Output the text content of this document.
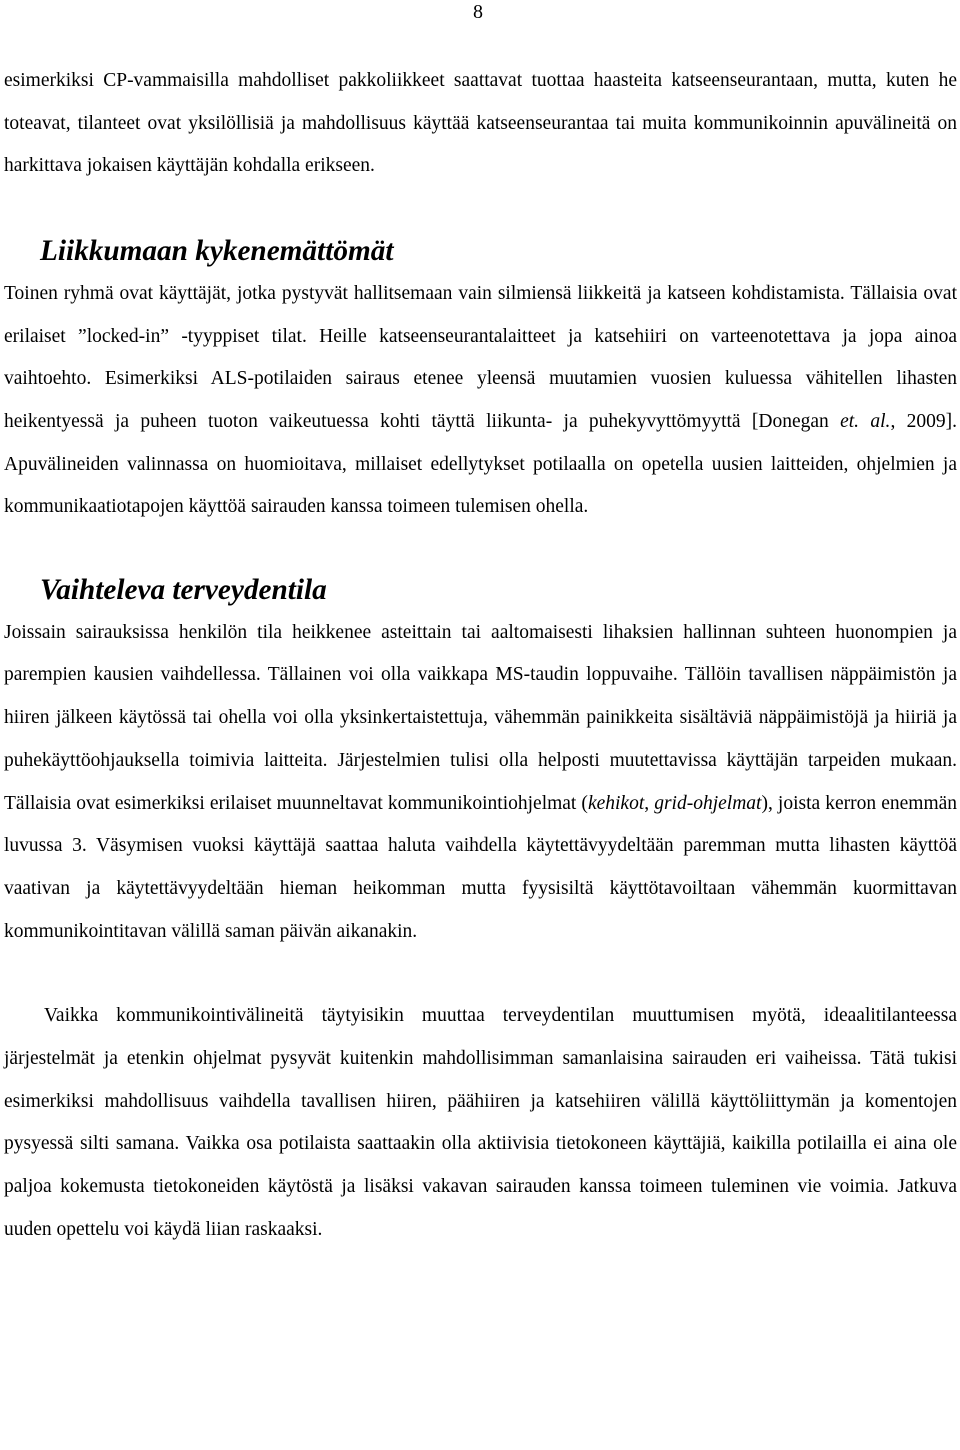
8

esimerkiksi CP-vammaisilla mahdolliset pakkoliikkeet saattavat tuottaa haasteita katseenseurantaan, mutta, kuten he toteavat, tilanteet ovat yksilöllisiä ja mahdollisuus käyttää katseenseurantaa tai muita kommunikoinnin apuvälineitä on harkittava jokaisen käyttäjän kohdalla erikseen.

Liikkumaan kykenemättömät

Toinen ryhmä ovat käyttäjät, jotka pystyvät hallitsemaan vain silmiensä liikkeitä ja katseen kohdistamista. Tällaisia ovat erilaiset ”locked-in” -tyyppiset tilat. Heille katseenseurantalaitteet ja katsehiiri on varteenotettava ja jopa ainoa vaihtoehto. Esimerkiksi ALS-potilaiden sairaus etenee yleensä muutamien vuosien kuluessa vähitellen lihasten heikentyessä ja puheen tuoton vaikeutuessa kohti täyttä liikunta- ja puhekyvyttömyyttä [Donegan et. al., 2009]. Apuvälineiden valinnassa on huomioitava, millaiset edellytykset potilaalla on opetella uusien laitteiden, ohjelmien ja kommunikaatiotapojen käyttöä sairauden kanssa toimeen tulemisen ohella.

Vaihteleva terveydentila

Joissain sairauksissa henkilön tila heikkenee asteittain tai aaltomaisesti lihaksien hallinnan suhteen huonompien ja parempien kausien vaihdellessa. Tällainen voi olla vaikkapa MS-taudin loppuvaihe. Tällöin tavallisen näppäimistön ja hiiren jälkeen käytössä tai ohella voi olla yksinkertaistettuja, vähemmän painikkeita sisältäviä näppäimistöjä ja hiiriä ja puhekäyttöohjauksella toimivia laitteita. Järjestelmien tulisi olla helposti muutettavissa käyttäjän tarpeiden mukaan. Tällaisia ovat esimerkiksi erilaiset muunneltavat kommunikointiohjelmat (kehikot, grid-ohjelmat), joista kerron enemmän luvussa 3. Väsymisen vuoksi käyttäjä saattaa haluta vaihdella käytettävyydeltään paremman mutta lihasten käyttöä vaativan ja käytettävyydeltään hieman heikomman mutta fyysisiltä käyttötavoiltaan vähemmän kuormittavan kommunikointitavan välillä saman päivän aikanakin.

Vaikka kommunikointivälineitä täytyisikin muuttaa terveydentilan muuttumisen myötä, ideaalitilanteessa järjestelmät ja etenkin ohjelmat pysyvät kuitenkin mahdollisimman samanlaisina sairauden eri vaiheissa. Tätä tukisi esimerkiksi mahdollisuus vaihdella tavallisen hiiren, päähiiren ja katsehiiren välillä käyttöliittymän ja komentojen pysyessä silti samana. Vaikka osa potilaista saattaakin olla aktiivisia tietokoneen käyttäjiä, kaikilla potilailla ei aina ole paljoa kokemusta tietokoneiden käytöstä ja lisäksi vakavan sairauden kanssa toimeen tuleminen vie voimia. Jatkuva uuden opettelu voi käydä liian raskaaksi.
